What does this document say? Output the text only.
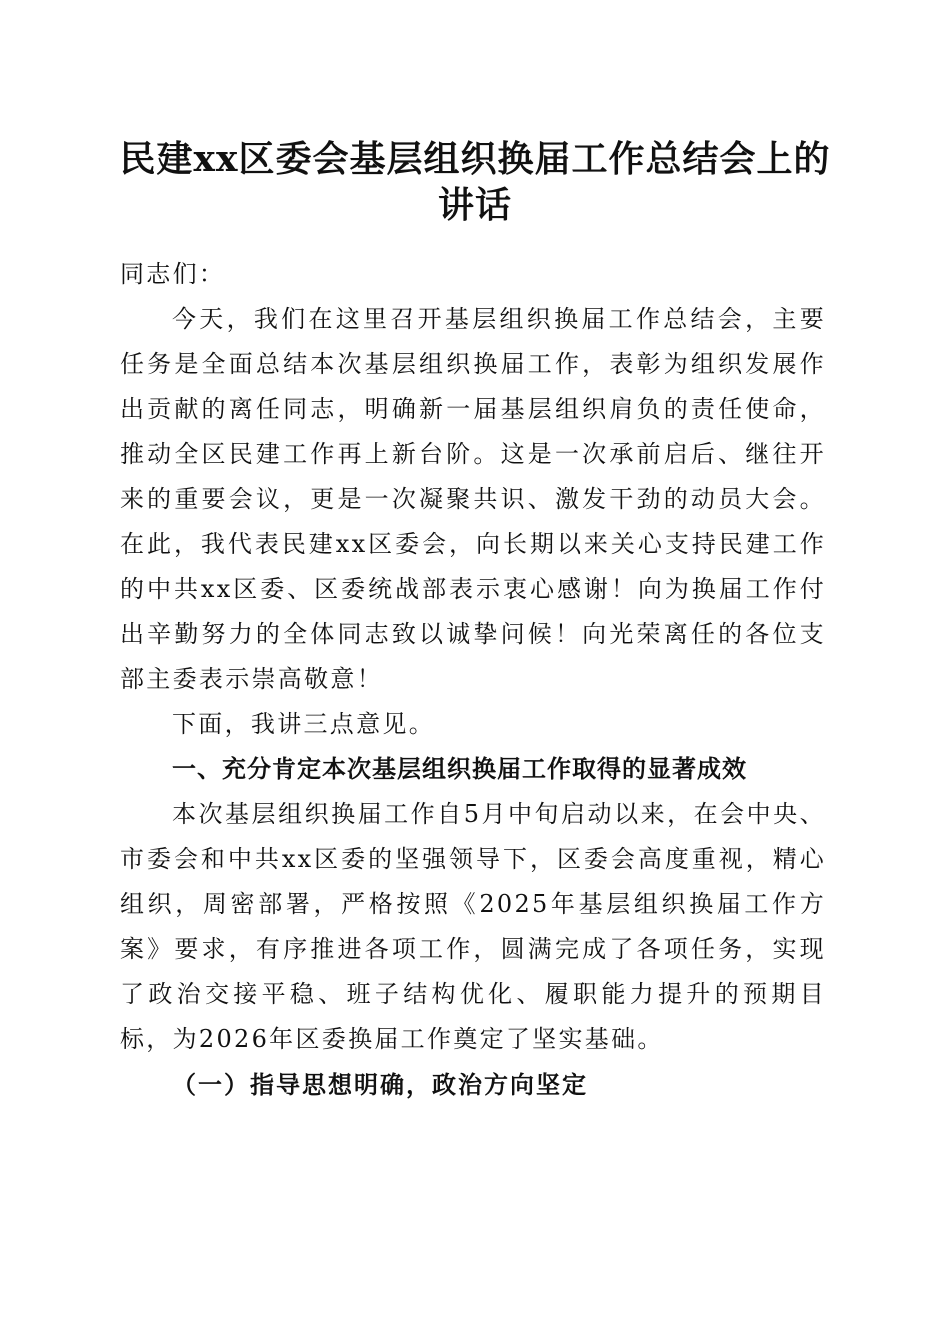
民建xx区委会基层组织换届工作总结会上的
讲话

同志们：

今天，我们在这里召开基层组织换届工作总结会，主要任务是全面总结本次基层组织换届工作，表彰为组织发展作出贡献的离任同志，明确新一届基层组织肩负的责任使命，推动全区民建工作再上新台阶。这是一次承前启后、继往开来的重要会议，更是一次凝聚共识、激发干劲的动员大会。在此，我代表民建xx区委会，向长期以来关心支持民建工作的中共xx区委、区委统战部表示衷心感谢！向为换届工作付出辛勤努力的全体同志致以诚挚问候！向光荣离任的各位支部主委表示崇高敬意！

下面，我讲三点意见。

一、充分肯定本次基层组织换届工作取得的显著成效

本次基层组织换届工作自5月中旬启动以来，在会中央、市委会和中共xx区委的坚强领导下，区委会高度重视，精心组织，周密部署，严格按照《2025年基层组织换届工作方案》要求，有序推进各项工作，圆满完成了各项任务，实现了政治交接平稳、班子结构优化、履职能力提升的预期目标，为2026年区委换届工作奠定了坚实基础。

（一）指导思想明确，政治方向坚定
